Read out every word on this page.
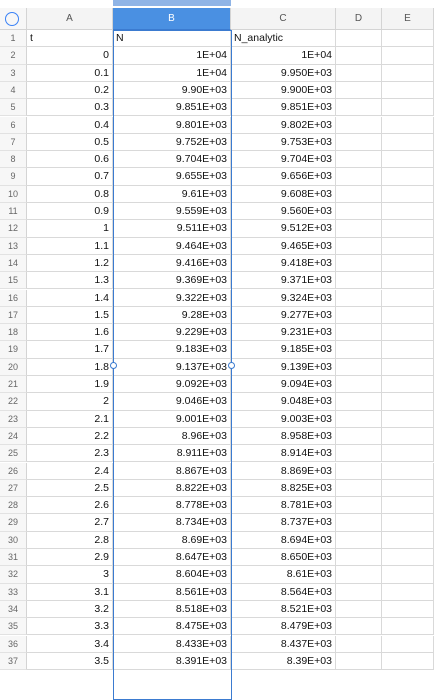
A	B	C	D	E
1	t	N	N_analytic
2	0	1E+04	1E+04
3	0.1	1E+04	9.950E+03
4	0.2	9.90E+03	9.900E+03
5	0.3	9.851E+03	9.851E+03
6	0.4	9.801E+03	9.802E+03
7	0.5	9.752E+03	9.753E+03
8	0.6	9.704E+03	9.704E+03
9	0.7	9.655E+03	9.656E+03
10	0.8	9.61E+03	9.608E+03
11	0.9	9.559E+03	9.560E+03
12	1	9.511E+03	9.512E+03
13	1.1	9.464E+03	9.465E+03
14	1.2	9.416E+03	9.418E+03
15	1.3	9.369E+03	9.371E+03
16	1.4	9.322E+03	9.324E+03
17	1.5	9.28E+03	9.277E+03
18	1.6	9.229E+03	9.231E+03
19	1.7	9.183E+03	9.185E+03
20	1.8	9.137E+03	9.139E+03
21	1.9	9.092E+03	9.094E+03
22	2	9.046E+03	9.048E+03
23	2.1	9.001E+03	9.003E+03
24	2.2	8.96E+03	8.958E+03
25	2.3	8.911E+03	8.914E+03
26	2.4	8.867E+03	8.869E+03
27	2.5	8.822E+03	8.825E+03
28	2.6	8.778E+03	8.781E+03
29	2.7	8.734E+03	8.737E+03
30	2.8	8.69E+03	8.694E+03
31	2.9	8.647E+03	8.650E+03
32	3	8.604E+03	8.61E+03
33	3.1	8.561E+03	8.564E+03
34	3.2	8.518E+03	8.521E+03
35	3.3	8.475E+03	8.479E+03
36	3.4	8.433E+03	8.437E+03
37	3.5	8.391E+03	8.39E+03
